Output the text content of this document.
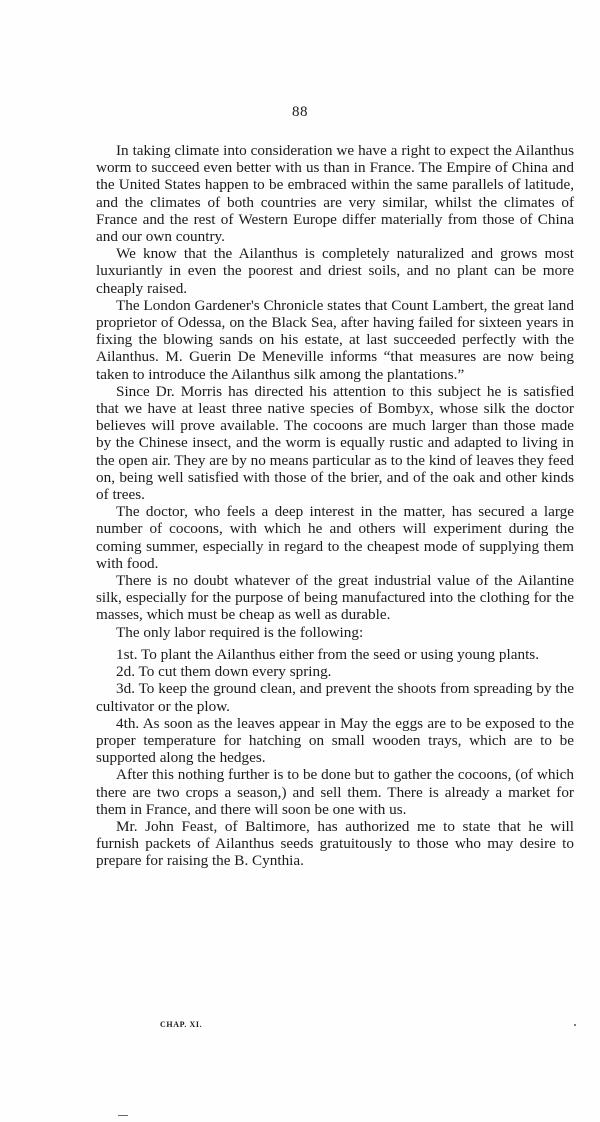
88

In taking climate into consideration we have a right to expect the Ailanthus worm to succeed even better with us than in France. The Empire of China and the United States happen to be embraced within the same parallels of latitude, and the climates of both countries are very similar, whilst the climates of France and the rest of Western Europe differ materially from those of China and our own country.

We know that the Ailanthus is completely naturalized and grows most luxuriantly in even the poorest and driest soils, and no plant can be more cheaply raised.

The London Gardener's Chronicle states that Count Lambert, the great land proprietor of Odessa, on the Black Sea, after having failed for sixteen years in fixing the blowing sands on his estate, at last succeeded perfectly with the Ailanthus. M. Guerin De Meneville informs “that measures are now being taken to introduce the Ailanthus silk among the plantations.”

Since Dr. Morris has directed his attention to this subject he is satisfied that we have at least three native species of Bombyx, whose silk the doctor believes will prove available. The cocoons are much larger than those made by the Chinese insect, and the worm is equally rustic and adapted to living in the open air. They are by no means particular as to the kind of leaves they feed on, being well satisfied with those of the brier, and of the oak and other kinds of trees.

The doctor, who feels a deep interest in the matter, has secured a large number of cocoons, with which he and others will experiment during the coming summer, especially in regard to the cheapest mode of supplying them with food.

There is no doubt whatever of the great industrial value of the Ailantine silk, especially for the purpose of being manufactured into the clothing for the masses, which must be cheap as well as durable.

The only labor required is the following:

1st. To plant the Ailanthus either from the seed or using young plants.

2d. To cut them down every spring.

3d. To keep the ground clean, and prevent the shoots from spreading by the cultivator or the plow.

4th. As soon as the leaves appear in May the eggs are to be exposed to the proper temperature for hatching on small wooden trays, which are to be supported along the hedges.

After this nothing further is to be done but to gather the cocoons, (of which there are two crops a season,) and sell them. There is already a market for them in France, and there will soon be one with us.

Mr. John Feast, of Baltimore, has authorized me to state that he will furnish packets of Ailanthus seeds gratuitously to those who may desire to prepare for raising the B. Cynthia.

CHAP. XI.
